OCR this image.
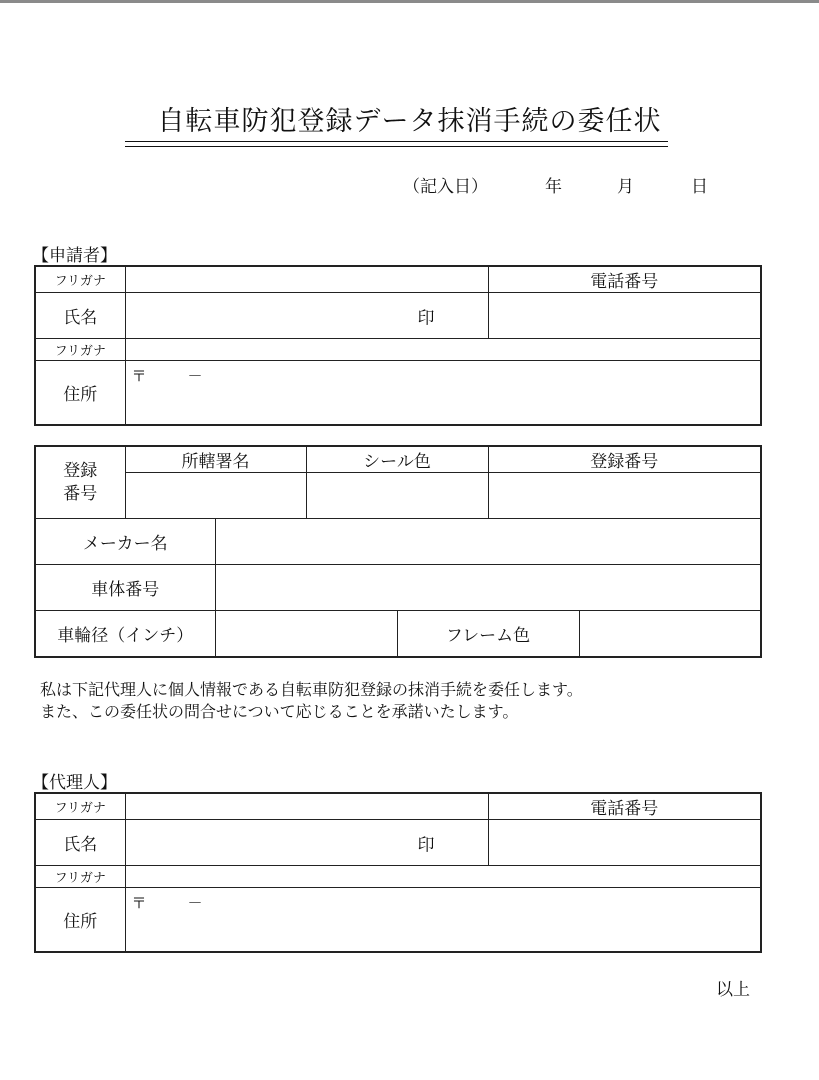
自転車防犯登録データ抹消手続の委任状
（記入日）	年	月	日
【申請者】
フリガナ		電話番号
氏名	印	

フリガナ		
住所	〒 －	
登録
番号	所轄署名		シール色		登録番号	

メーカー名						
車体番号						
車輪径（インチ）				フレーム色		
私は下記代理人に個人情報である自転車防犯登録の抹消手続を委任します。
また、この委任状の問合せについて応じることを承諾いたします。
【代理人】
フリガナ		電話番号
氏名	印	

フリガナ		
住所	〒 －	
以上
